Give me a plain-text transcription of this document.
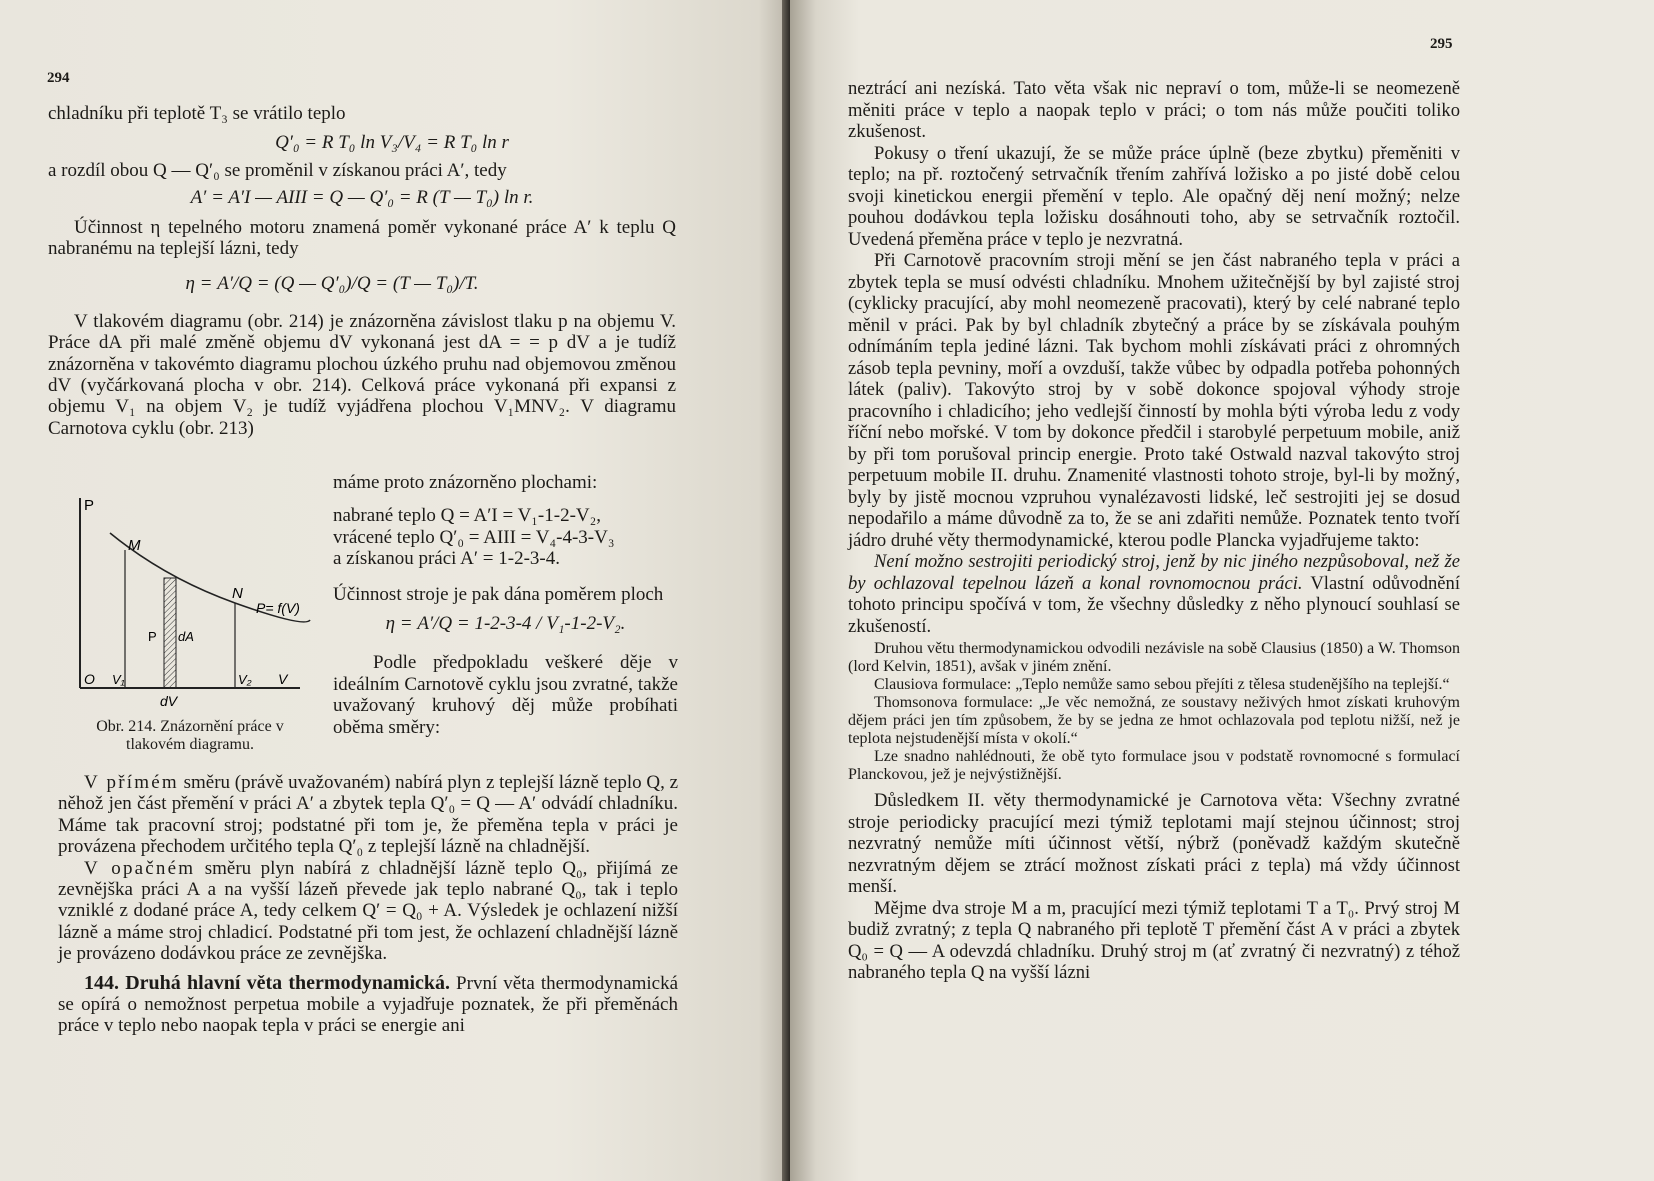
294

chladníku při teplotě T₃ se vrátilo teplo

Q′₀ = R T₀ ln V₃/V₄ = R T₀ ln r

a rozdíl obou Q — Q′₀ se proměnil v získanou práci A′, tedy

A′ = A′I — AIII = Q — Q′₀ = R (T — T₀) ln r.

Účinnost η tepelného motoru znamená poměr vykonané práce A′ k teplu Q nabranému na teplejší lázni, tedy

η = A′/Q = (Q — Q′₀)/Q = (T — T₀)/T.

V tlakovém diagramu (obr. 214) je znázorněna závislost tlaku p na objemu V. Práce dA při malé změně objemu dV vykonaná jest dA = = p dV a je tudíž znázorněna v takovémto diagramu plochou úzkého pruhu nad objemovou změnou dV (vyčárkovaná plocha v obr. 214). Celková práce vykonaná při expansi z objemu V₁ na objem V₂ je tudíž vyjádřena plochou V₁MNV₂. V diagramu Carnotova cyklu (obr. 213)

máme proto znázorněno plochami:

nabrané teplo Q = A′I = V₁-1-2-V₂,

vrácené teplo Q′₀ = AIII = V₄-4-3-V₃

a získanou práci A′ = 1-2-3-4.

Účinnost stroje je pak dána poměrem ploch

η = A′/Q = 1-2-3-4 / V₁-1-2-V₂.

Podle předpokladu veškeré děje v ideálním Carnotově cyklu jsou zvratné, takže uvažovaný kruhový děj může probíhati oběma směry:

P
M
N
P= f(V)
P dA
O V₁	V₂ V
dV
Obr. 214. Znázornění práce v tlakovém diagramu.

V přímém směru (právě uvažovaném) nabírá plyn z teplejší lázně teplo Q, z něhož jen část přemění v práci A′ a zbytek tepla Q′₀ = Q — A′ odvádí chladníku. Máme tak pracovní stroj; podstatné při tom je, že přeměna tepla v práci je provázena přechodem určitého tepla Q′₀ z teplejší lázně na chladnější.

V opačném směru plyn nabírá z chladnější lázně teplo Q₀, přijímá ze zevnějška práci A a na vyšší lázeň převede jak teplo nabrané Q₀, tak i teplo vzniklé z dodané práce A, tedy celkem Q′ = Q₀ + A. Výsledek je ochlazení nižší lázně a máme stroj chladicí. Podstatné při tom jest, že ochlazení chladnější lázně je provázeno dodávkou práce ze zevnějška.

144. Druhá hlavní věta thermodynamická. První věta thermodynamická se opírá o nemožnost perpetua mobile a vyjadřuje poznatek, že při přeměnách práce v teplo nebo naopak tepla v práci se energie ani

295

neztrácí ani nezíská. Tato věta však nic nepraví o tom, může-li se neomezeně měniti práce v teplo a naopak teplo v práci; o tom nás může poučiti toliko zkušenost.

Pokusy o tření ukazují, že se může práce úplně (beze zbytku) přeměniti v teplo; na př. roztočený setrvačník třením zahřívá ložisko a po jisté době celou svoji kinetickou energii přemění v teplo. Ale opačný děj není možný; nelze pouhou dodávkou tepla ložisku dosáhnouti toho, aby se setrvačník roztočil. Uvedená přeměna práce v teplo je nezvratná.

Při Carnotově pracovním stroji mění se jen část nabraného tepla v práci a zbytek tepla se musí odvésti chladníku. Mnohem užitečnější by byl zajisté stroj (cyklicky pracující, aby mohl neomezeně pracovati), který by celé nabrané teplo měnil v práci. Pak by byl chladník zbytečný a práce by se získávala pouhým odnímáním tepla jediné lázni. Tak bychom mohli získávati práci z ohromných zásob tepla pevniny, moří a ovzduší, takže vůbec by odpadla potřeba pohonných látek (paliv). Takovýto stroj by v sobě dokonce spojoval výhody stroje pracovního i chladicího; jeho vedlejší činností by mohla býti výroba ledu z vody říční nebo mořské. V tom by dokonce předčil i starobylé perpetuum mobile, aniž by při tom porušoval princip energie. Proto také Ostwald nazval takovýto stroj perpetuum mobile II. druhu. Znamenité vlastnosti tohoto stroje, byl-li by možný, byly by jistě mocnou vzpruhou vynalézavosti lidské, leč sestrojiti jej se dosud nepodařilo a máme důvodně za to, že se ani zdařiti nemůže. Poznatek tento tvoří jádro druhé věty thermodynamické, kterou podle Plancka vyjadřujeme takto:

Není možno sestrojiti periodický stroj, jenž by nic jiného nezpůsoboval, než že by ochlazoval tepelnou lázeň a konal rovnomocnou práci. Vlastní odůvodnění tohoto principu spočívá v tom, že všechny důsledky z něho plynoucí souhlasí se zkušeností.

Druhou větu thermodynamickou odvodili nezávisle na sobě Clausius (1850) a W. Thomson (lord Kelvin, 1851), avšak v jiném znění.

Clausiova formulace: „Teplo nemůže samo sebou přejíti z tělesa studenějšího na teplejší.“

Thomsonova formulace: „Je věc nemožná, ze soustavy neživých hmot získati kruhovým dějem práci jen tím způsobem, že by se jedna ze hmot ochlazovala pod teplotu nižší, než je teplota nejstudenější místa v okolí.“

Lze snadno nahlédnouti, že obě tyto formulace jsou v podstatě rovnomocné s formulací Planckovou, jež je nejvýstižnější.

Důsledkem II. věty thermodynamické je Carnotova věta: Všechny zvratné stroje periodicky pracující mezi týmiž teplotami mají stejnou účinnost; stroj nezvratný nemůže míti účinnost větší, nýbrž (poněvadž každým skutečně nezvratným dějem se ztrácí možnost získati práci z tepla) má vždy účinnost menší.

Mějme dva stroje M a m, pracující mezi týmiž teplotami T a T₀. Prvý stroj M budiž zvratný; z tepla Q nabraného při teplotě T přemění část A v práci a zbytek Q₀ = Q — A odevzdá chladníku. Druhý stroj m (ať zvratný či nezvratný) z téhož nabraného tepla Q na vyšší lázni
